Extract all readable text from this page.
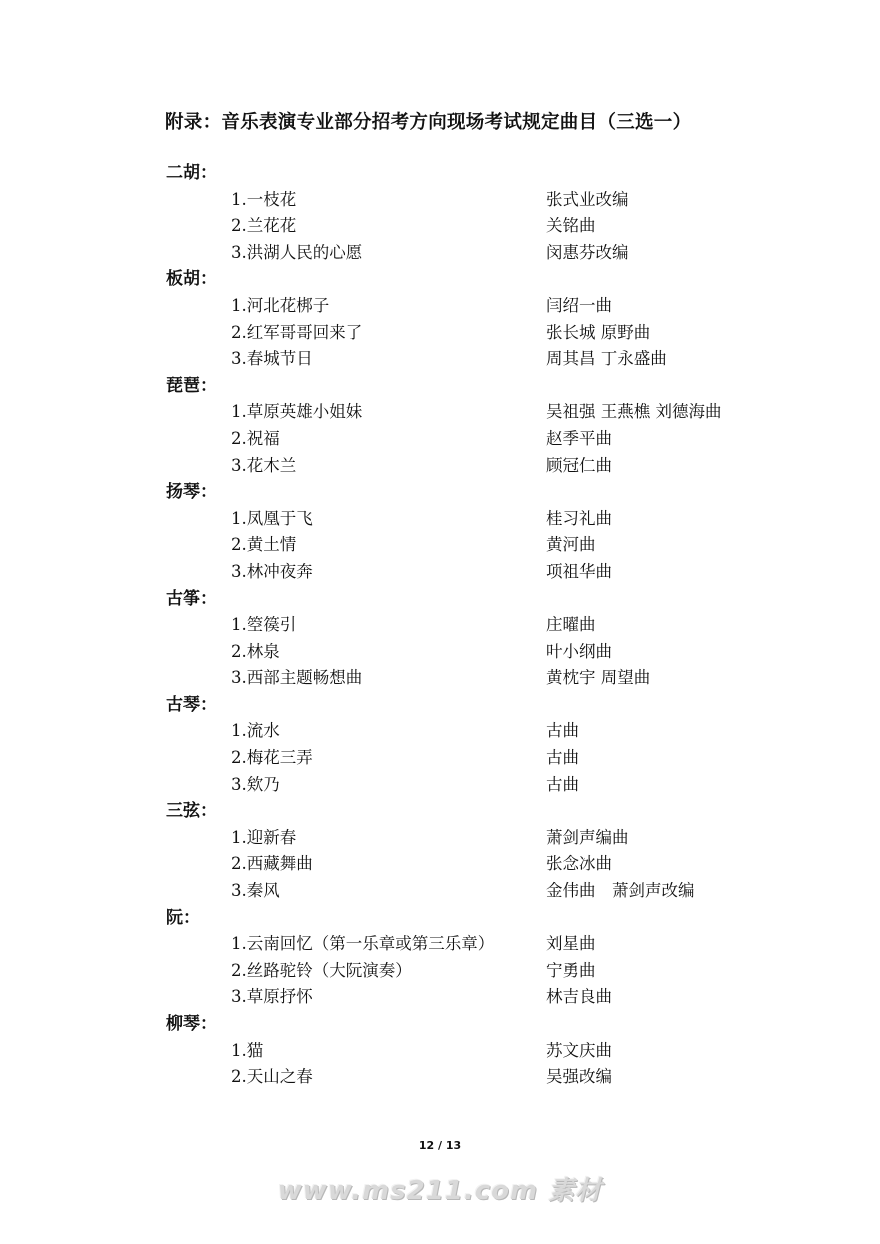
附录：音乐表演专业部分招考方向现场考试规定曲目（三选一）
二胡：
1.一枝花	张式业改编
2.兰花花	关铭曲
3.洪湖人民的心愿	闵惠芬改编
板胡：
1.河北花梆子	闫绍一曲
2.红军哥哥回来了	张长城 原野曲
3.春城节日	周其昌 丁永盛曲
琵琶：
1.草原英雄小姐妹	吴祖强 王燕樵 刘德海曲
2.祝福	赵季平曲
3.花木兰	顾冠仁曲
扬琴：
1.凤凰于飞	桂习礼曲
2.黄土情	黄河曲
3.林冲夜奔	项祖华曲
古筝：
1.箜篌引	庄曜曲
2.林泉	叶小纲曲
3.西部主题畅想曲	黄枕宇 周望曲
古琴：
1.流水	古曲
2.梅花三弄	古曲
3.欸乃	古曲
三弦：
1.迎新春	萧剑声编曲
2.西藏舞曲	张念冰曲
3.秦风	金伟曲　萧剑声改编
阮：
1.云南回忆（第一乐章或第三乐章）	刘星曲
2.丝路驼铃（大阮演奏）	宁勇曲
3.草原抒怀	林吉良曲
柳琴：
1.猫	苏文庆曲
2.天山之春	吴强改编
12 / 13
www.ms211.com 素材
